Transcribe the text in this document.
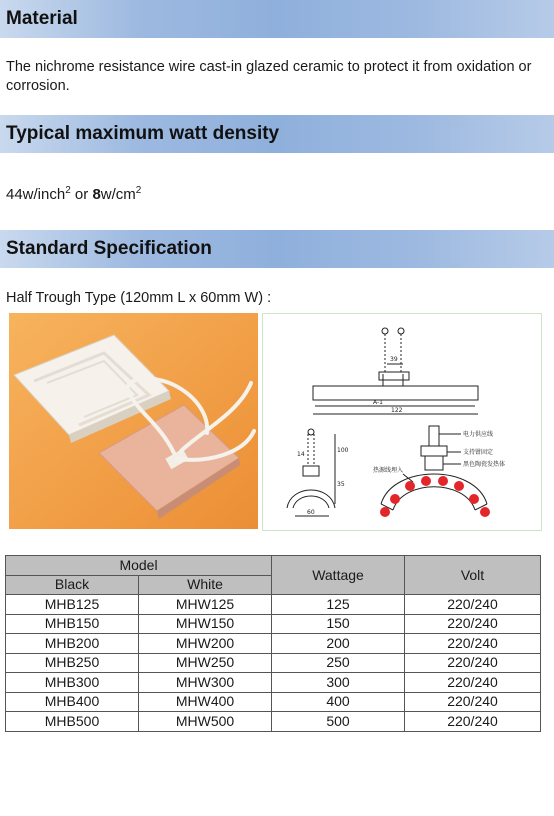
Material
The nichrome resistance wire cast-in glazed ceramic to protect it from oxidation or corrosion.
Typical maximum watt density
44w/inch$^2$ or $8w/cm^2$
Standard Specification
Half Trough Type (120mm L x 60mm W) :
39
A-1
122
14
100
35
60
电力供应线
支持钳固定
黑色陶瓷发热体
热源线埋入
Model		Wattage	Volt
Black	White		
MHB125	MHW125	125	220/240
MHB150	MHW150	150	220/240
MHB200	MHW200	200	220/240
MHB250	MHW250	250	220/240
MHB300	MHW300	300	220/240
MHB400	MHW400	400	220/240
MHB500	MHW500	500	220/240
